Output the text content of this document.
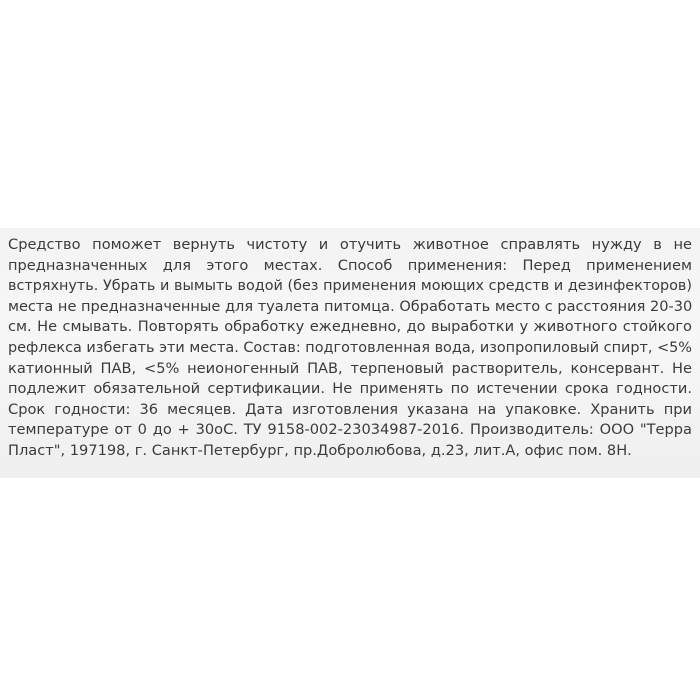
Средство поможет вернуть чистоту и отучить животное справлять нужду в не
предназначенных для этого местах. Способ применения: Перед применением
встряхнуть. Убрать и вымыть водой (без применения моющих средств и дезинфекторов)
места не предназначенные для туалета питомца. Обработать место с расстояния 20-30
см. Не смывать. Повторять обработку ежедневно, до выработки у животного стойкого
рефлекса избегать эти места. Состав: подготовленная вода, изопропиловый спирт, <5%
катионный ПАВ, <5% неионогенный ПАВ, терпеновый растворитель, консервант. Не
подлежит обязательной сертификации. Не применять по истечении срока годности.
Срок годности: 36 месяцев. Дата изготовления указана на упаковке. Хранить при
температуре от 0 до + 30оС. ТУ 9158-002-23034987-2016. Производитель: ООО "Терра
Пласт", 197198, г. Санкт-Петербург, пр.Добролюбова, д.23, лит.А, офис пом. 8Н.
